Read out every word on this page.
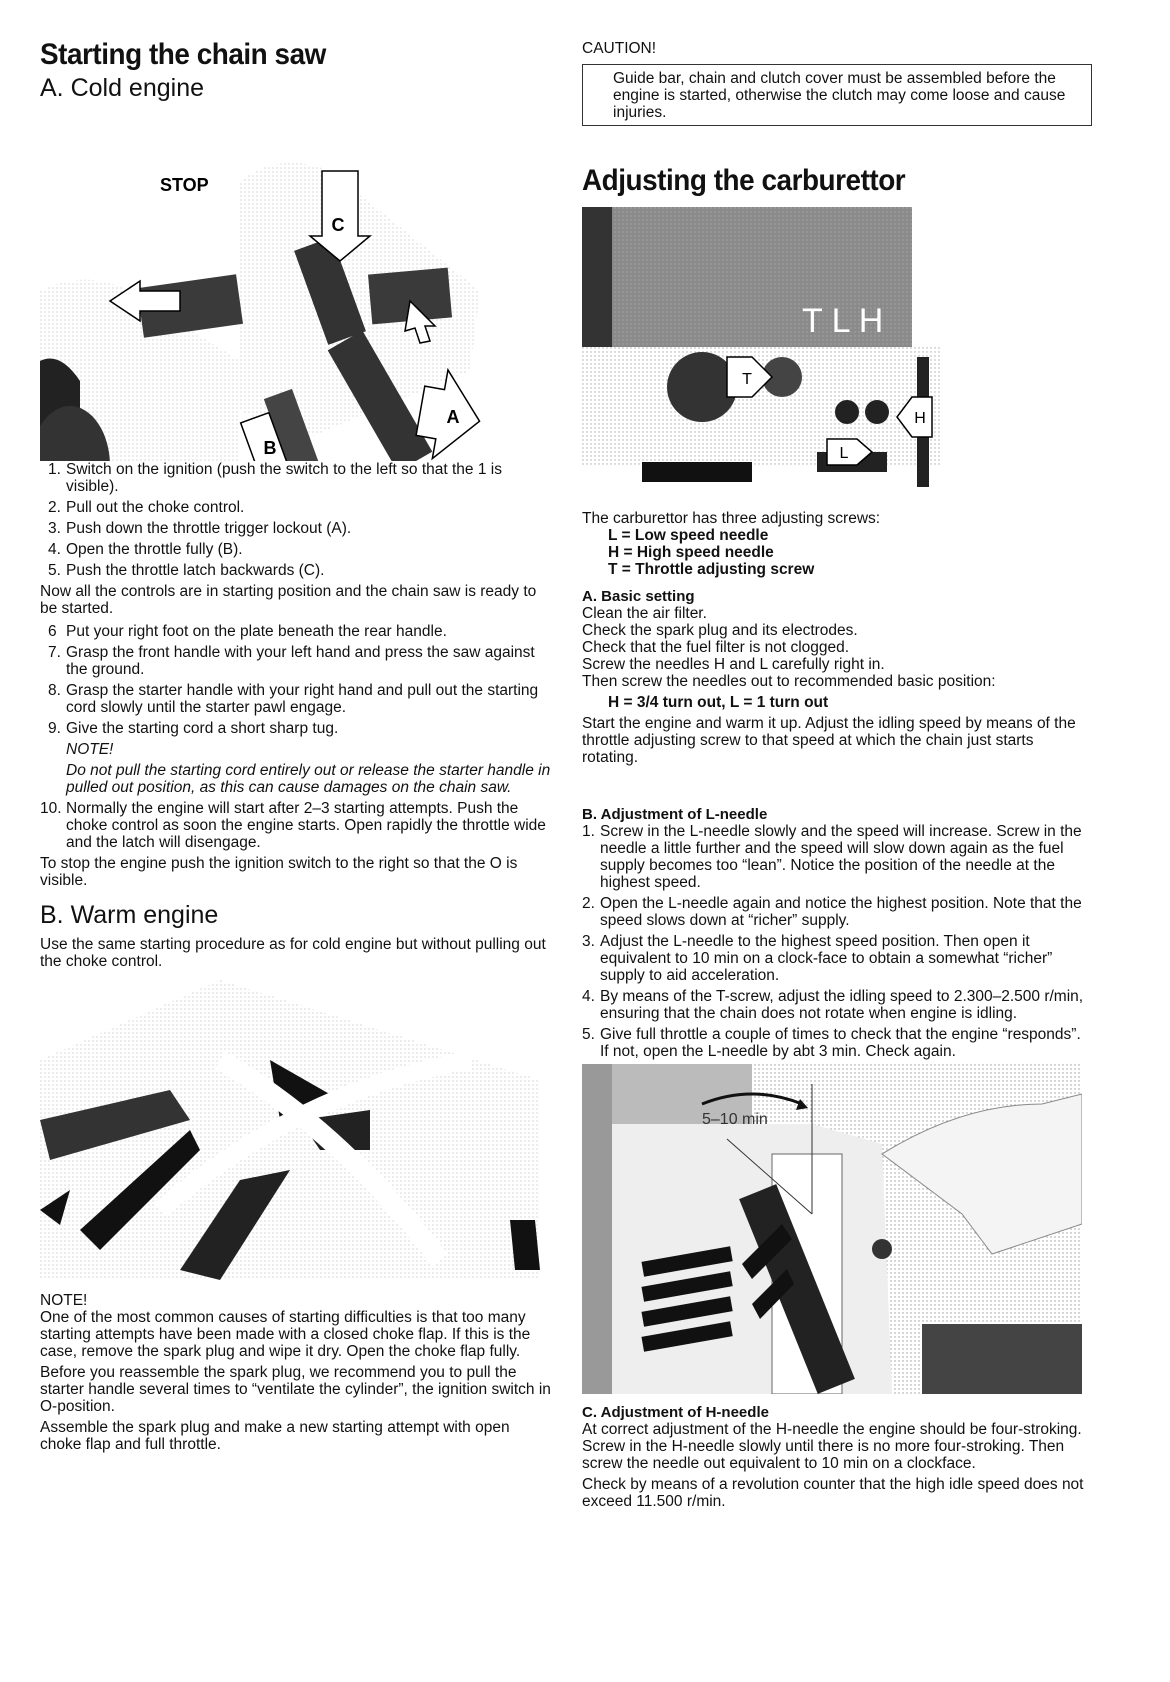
Starting the chain saw
A. Cold engine
C
A
B
STOP
1. Switch on the ignition (push the switch to the left so that the 1 is visible).
2. Pull out the choke control.
3. Push down the throttle trigger lockout (A).
4. Open the throttle fully (B).
5. Push the throttle latch backwards (C).

Now all the controls are in starting position and the chain saw is ready to be started.

6 Put your right foot on the plate beneath the rear handle.
7. Grasp the front handle with your left hand and press the saw against the ground.
8. Grasp the starter handle with your right hand and pull out the starting cord slowly until the starter pawl engage.
9. Give the starting cord a short sharp tug.

NOTE!

Do not pull the starting cord entirely out or release the starter handle in pulled out position, as this can cause damages on the chain saw.

10. Normally the engine will start after 2–3 starting attempts. Push the choke control as soon the engine starts. Open rapidly the throttle wide and the latch will disengage.

To stop the engine push the ignition switch to the right so that the O is visible.

B. Warm engine

Use the same starting procedure as for cold engine but without pulling out the choke control.

NOTE!

One of the most common causes of starting difficulties is that too many starting attempts have been made with a closed choke flap. If this is the case, remove the spark plug and wipe it dry. Open the choke flap fully.

Before you reassemble the spark plug, we recommend you to pull the starter handle several times to “ventilate the cylinder”, the ignition switch in O-position.

Assemble the spark plug and make a new starting attempt with open choke flap and full throttle.

CAUTION!

Guide bar, chain and clutch cover must be assembled before the engine is started, otherwise the clutch may come loose and cause injuries.

Adjusting the carburettor
T L H
T
H
L

The carburettor has three adjusting screws:

L = Low speed needle

H = High speed needle

T = Throttle adjusting screw

A. Basic setting

Clean the air filter.

Check the spark plug and its electrodes.

Check that the fuel filter is not clogged.

Screw the needles H and L carefully right in.

Then screw the needles out to recommended basic position:

H = 3/4 turn out, L = 1 turn out

Start the engine and warm it up. Adjust the idling speed by means of the throttle adjusting screw to that speed at which the chain just starts rotating.

B. Adjustment of L-needle

1. Screw in the L-needle slowly and the speed will increase. Screw in the needle a little further and the speed will slow down again as the fuel supply becomes too “lean”. Notice the position of the needle at the highest speed.
2. Open the L-needle again and notice the highest position. Note that the speed slows down at “richer” supply.
3. Adjust the L-needle to the highest speed position. Then open it equivalent to 10 min on a clock-face to obtain a somewhat “richer” supply to aid acceleration.
4. By means of the T-screw, adjust the idling speed to 2.300–2.500 r/min, ensuring that the chain does not rotate when engine is idling.
5. Give full throttle a couple of times to check that the engine “responds”. If not, open the L-needle by abt 3 min. Check again.
5–10 min

C. Adjustment of H-needle

At correct adjustment of the H-needle the engine should be four-stroking. Screw in the H-needle slowly until there is no more four-stroking. Then screw the needle out equivalent to 10 min on a clockface.

Check by means of a revolution counter that the high idle speed does not exceed 11.500 r/min.
